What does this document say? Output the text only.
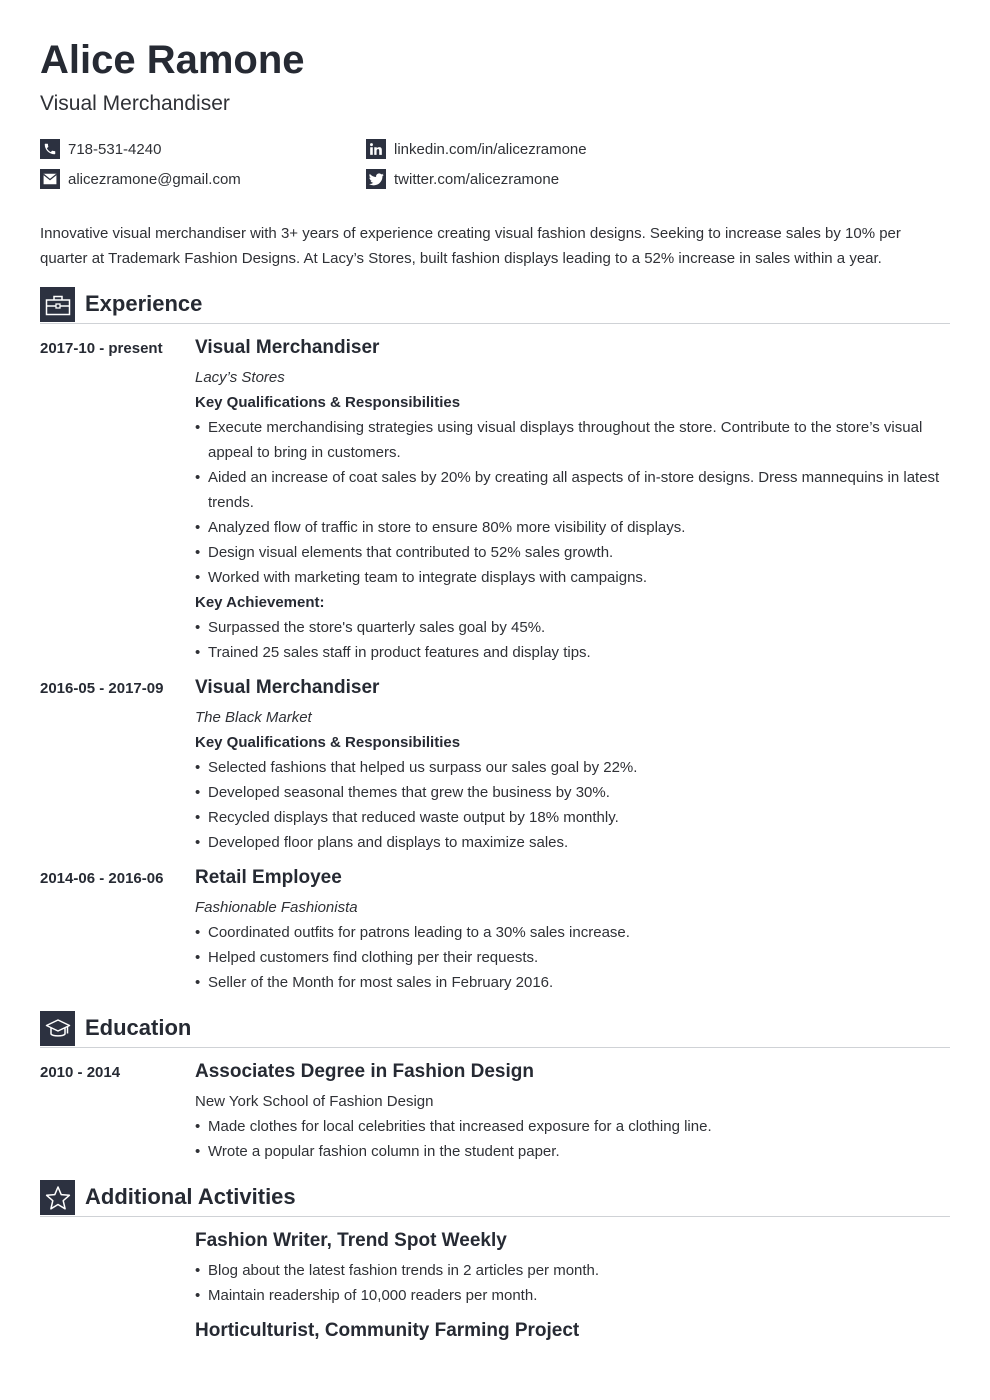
Alice Ramone
Visual Merchandiser
718-531-4240
alicezramone@gmail.com
linkedin.com/in/alicezramone
twitter.com/alicezramone
Innovative visual merchandiser with 3+ years of experience creating visual fashion designs. Seeking to increase sales by 10% per quarter at Trademark Fashion Designs. At Lacy’s Stores, built fashion displays leading to a 52% increase in sales within a year.
Experience
2017-10 - present Visual Merchandiser
Lacy’s Stores
Key Qualifications & Responsibilities
• Execute merchandising strategies using visual displays throughout the store. Contribute to the store’s visual appeal to bring in customers.
• Aided an increase of coat sales by 20% by creating all aspects of in-store designs. Dress mannequins in latest trends.
• Analyzed flow of traffic in store to ensure 80% more visibility of displays.
• Design visual elements that contributed to 52% sales growth.
• Worked with marketing team to integrate displays with campaigns.
Key Achievement:
• Surpassed the store's quarterly sales goal by 45%.
• Trained 25 sales staff in product features and display tips.
2016-05 - 2017-09 Visual Merchandiser
The Black Market
Key Qualifications & Responsibilities
• Selected fashions that helped us surpass our sales goal by 22%.
• Developed seasonal themes that grew the business by 30%.
• Recycled displays that reduced waste output by 18% monthly.
• Developed floor plans and displays to maximize sales.
2014-06 - 2016-06 Retail Employee
Fashionable Fashionista
• Coordinated outfits for patrons leading to a 30% sales increase.
• Helped customers find clothing per their requests.
• Seller of the Month for most sales in February 2016.
Education
2010 - 2014	Associates Degree in Fashion Design
New York School of Fashion Design
• Made clothes for local celebrities that increased exposure for a clothing line.
• Wrote a popular fashion column in the student paper.
Additional Activities
Fashion Writer, Trend Spot Weekly
• Blog about the latest fashion trends in 2 articles per month.
• Maintain readership of 10,000 readers per month.
Horticulturist, Community Farming Project
